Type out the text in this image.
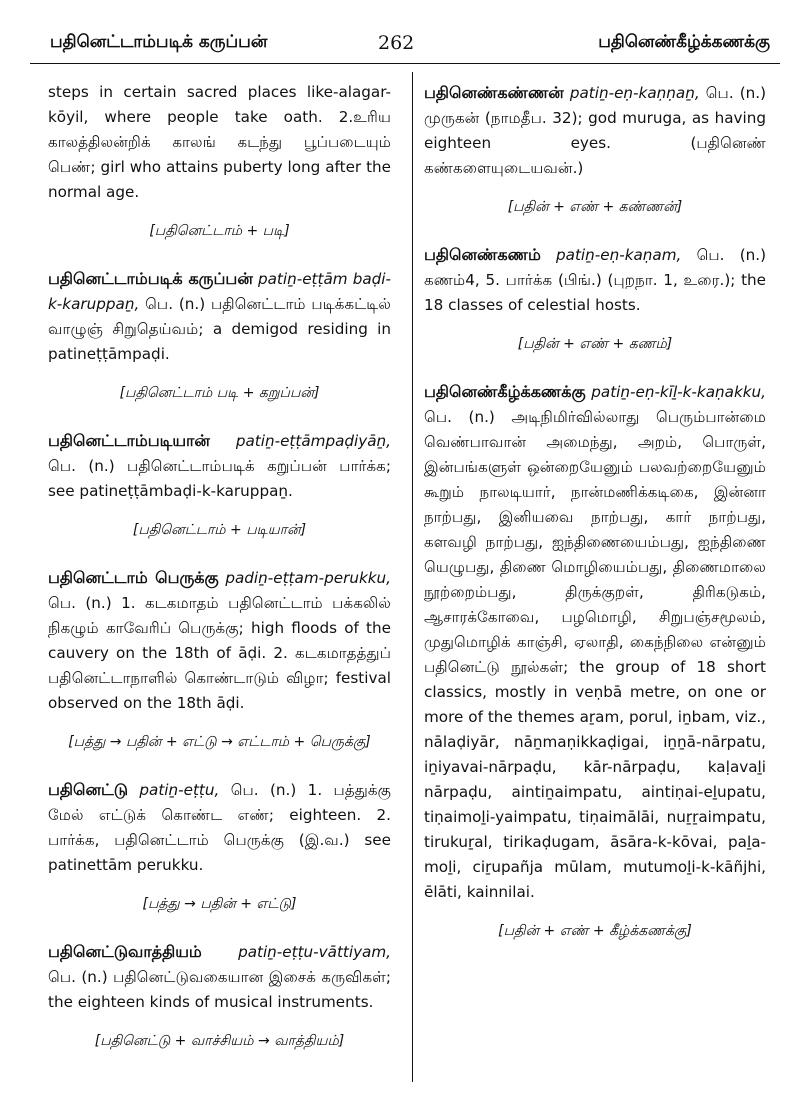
பதினெட்டாம்படிக் கருப்பன்	262	பதினெண்கீழ்க்கணக்கு

steps in certain sacred places like-alagar-kōyil, where people take oath. 2.உரிய காலத்திலன்றிக் காலங் கடந்து பூப்படையும் பெண்; girl who attains puberty long after the normal age.

[பதினெட்டாம் + படி]

பதினெட்டாம்படிக் கருப்பன் patiṉ-eṭṭām baḍi-k-karuppaṉ, பெ. (n.) பதினெட்டாம் படிக்கட்டில் வாழுஞ் சிறுதெய்வம்; a demigod residing in patineṭṭāmpaḍi.

[பதினெட்டாம் படி + கறுப்பன்]

பதினெட்டாம்படியான் patiṉ-eṭṭāmpaḍiyāṉ, பெ. (n.) பதினெட்டாம்படிக் கறுப்பன் பார்க்க; see patineṭṭāmbaḍi-k-karuppaṉ.

[பதினெட்டாம் + படியான்]

பதினெட்டாம் பெருக்கு padiṉ-eṭṭam-perukku, பெ. (n.) 1. கடகமாதம் பதினெட்டாம் பக்கலில் நிகழும் காவேரிப் பெருக்கு; high floods of the cauvery on the 18th of āḍi. 2. கடகமாதத்துப் பதினெட்டாநாளில் கொண்டாடும் விழா; festival observed on the 18th āḍi.

[பத்து → பதின் + எட்டு → எட்டாம் + பெருக்கு]

பதினெட்டு patiṉ-eṭṭu, பெ. (n.) 1. பத்துக்கு மேல் எட்டுக் கொண்ட எண்; eighteen. 2. பார்க்க, பதினெட்டாம் பெருக்கு (இ.வ.) see patinettām perukku.

[பத்து → பதின் + எட்டு]

பதினெட்டுவாத்தியம் patiṉ-eṭṭu-vāttiyam, பெ. (n.) பதினெட்டுவகையான இசைக் கருவிகள்; the eighteen kinds of musical instruments.

[பதினெட்டு + வாச்சியம் → வாத்தியம்]

பதினெண்கண்ணன் patiṉ-eṇ-kaṇṇaṉ, பெ. (n.) முருகன் (நாமதீப. 32); god muruga, as having eighteen eyes. (பதினெண் கண்களையுடையவன்.)

[பதின் + எண் + கண்ணன்]

பதினெண்கணம் patiṉ-eṇ-kaṇam, பெ. (n.) கணம்4, 5. பார்க்க (பிங்.) (புறநா. 1, உரை.); the 18 classes of celestial hosts.

[பதின் + எண் + கணம்]

பதினெண்கீழ்க்கணக்கு patiṉ-eṇ-kīḻ-k-kaṇakku, பெ. (n.) அடிநிமிர்வில்லாது பெரும்பான்மை வெண்பாவான் அமைந்து, அறம், பொருள், இன்பங்களுள் ஒன்றையேனும் பலவற்றையேனும் கூறும் நாலடியார், நான்மணிக்கடிகை, இன்னா நாற்பது, இனியவை நாற்பது, கார் நாற்பது, களவழி நாற்பது, ஐந்திணையைம்பது, ஐந்திணை யெழுபது, திணை மொழியைம்பது, திணைமாலை நூற்றைம்பது, திருக்குறள், திரிகடுகம், ஆசாரக்கோவை, பழமொழி, சிறுபஞ்சமூலம், முதுமொழிக் காஞ்சி, ஏலாதி, கைந்நிலை என்னும் பதினெட்டு நூல்கள்; the group of 18 short classics, mostly in veṇbā metre, on one or more of the themes aṟam, porul, iṉbam, viz., nālaḍiyār, nāṉmaṇikkaḍigai, iṉṉā-nārpatu, iṉiyavai-nārpaḍu, kār-nārpaḍu, kaḷavaḻi nārpaḍu, aintiṉaimpatu, aintiṇai-eḻupatu, tiṇaimoḻi-yaimpatu, tiṇaimālāi, nuṟṟaimpatu, tirukuṟal, tirikaḍugam, āsāra-k-kōvai, paḻa-moḻi, ciṟupañja mūlam, mutumoḻi-k-kāñjhi, ēlāti, kainnilai.

[பதின் + எண் + கீழ்க்கணக்கு]
